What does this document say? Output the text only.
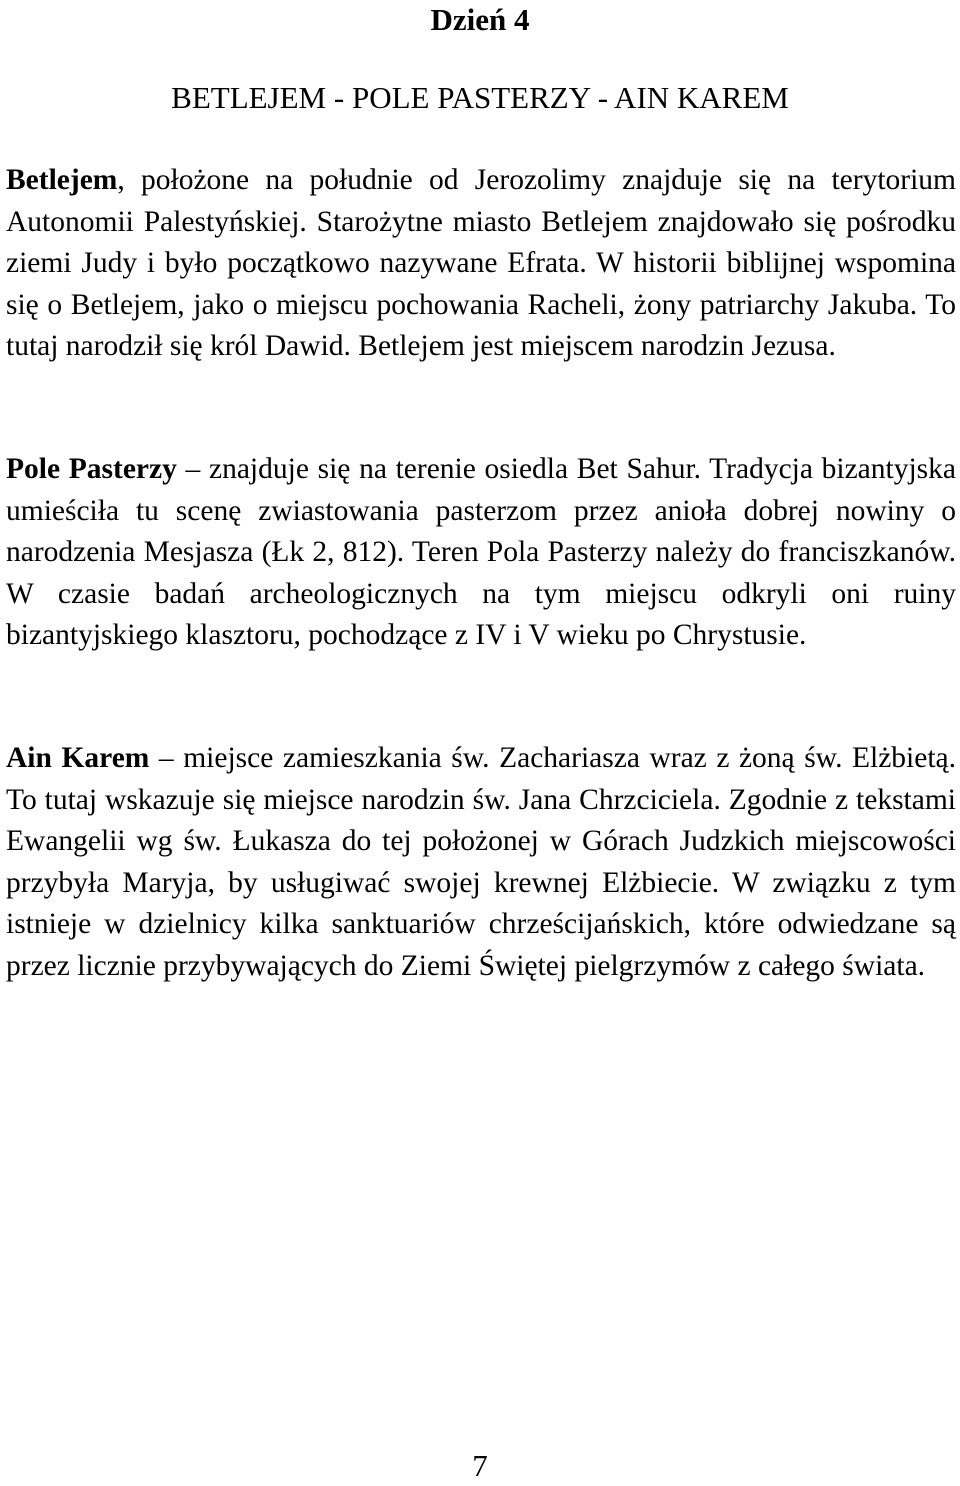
Dzień 4
BETLEJEM - POLE PASTERZY - AIN KAREM

Betlejem, położone na południe od Jerozolimy znajduje się na terytorium Autonomii Palestyńskiej. Starożytne miasto Betlejem znajdowało się pośrodku ziemi Judy i było początkowo nazywane Efrata. W historii biblijnej wspomina się o Betlejem, jako o miejscu pochowania Racheli, żony patriarchy Jakuba. To tutaj narodził się król Dawid. Betlejem jest miejscem narodzin Jezusa.

Pole Pasterzy – znajduje się na terenie osiedla Bet Sahur. Tradycja bizantyjska umieściła tu scenę zwiastowania pasterzom przez anioła dobrej nowiny o narodzenia Mesjasza (Łk 2, 812). Teren Pola Pasterzy należy do franciszkanów. W czasie badań archeologicznych na tym miejscu odkryli oni ruiny bizantyjskiego klasztoru, pochodzące z IV i V wieku po Chrystusie.

Ain Karem – miejsce zamieszkania św. Zachariasza wraz z żoną św. Elżbietą. To tutaj wskazuje się miejsce narodzin św. Jana Chrzciciela. Zgodnie z tekstami Ewangelii wg św. Łukasza do tej położonej w Górach Judzkich miejscowości przybyła Maryja, by usługiwać swojej krewnej Elżbiecie. W związku z tym istnieje w dzielnicy kilka sanktuariów chrześcijańskich, które odwiedzane są przez licznie przybywających do Ziemi Świętej pielgrzymów z całego świata.

7
